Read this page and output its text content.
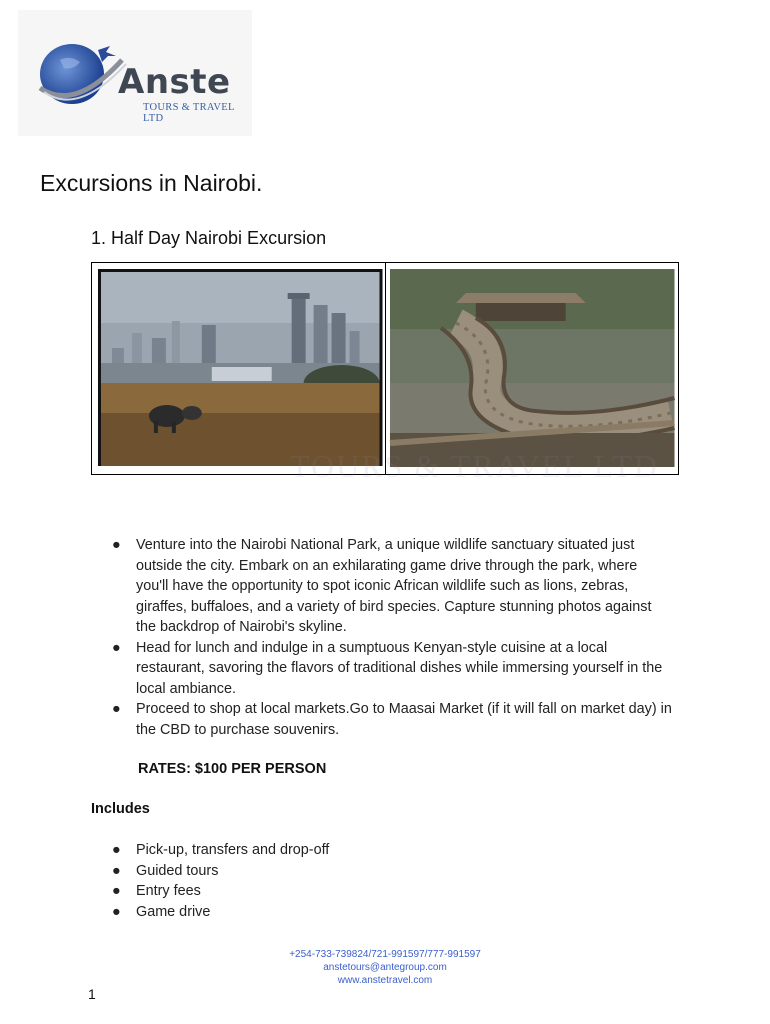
Anste
TOURS & TRAVEL LTD
Excursions in Nairobi.
1. Half Day Nairobi Excursion
TOURS & TRAVEL LTD
● Venture into the Nairobi National Park, a unique wildlife sanctuary situated just outside the city. Embark on an exhilarating game drive through the park, where you'll have the opportunity to spot iconic African wildlife such as lions, zebras, giraffes, buffaloes, and a variety of bird species. Capture stunning photos against the backdrop of Nairobi's skyline.
● Head for lunch and indulge in a sumptuous Kenyan-style cuisine at a local restaurant, savoring the flavors of traditional dishes while immersing yourself in the local ambiance.
● Proceed to shop at local markets.Go to Maasai Market (if it will fall on market day) in the CBD to purchase souvenirs.
RATES: $100 PER PERSON
Includes
● Pick-up, transfers and drop-off
● Guided tours
● Entry fees
● Game drive
+254-733-739824/721-991597/777-991597
anstetours@antegroup.com
www.anstetravel.com
1
